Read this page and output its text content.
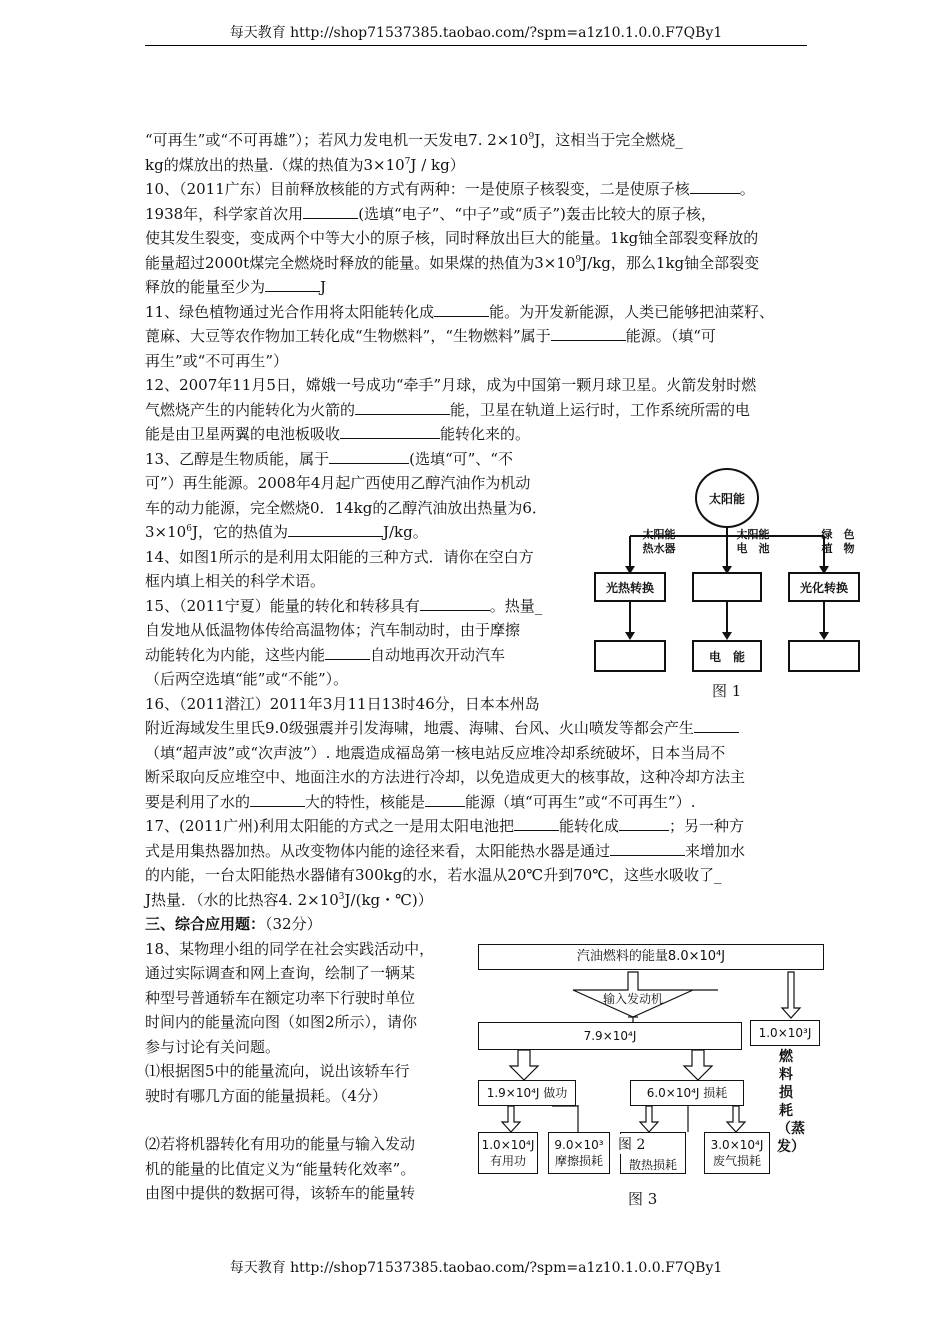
每天教育 http://shop71537385.taobao.com/?spm=a1z10.1.0.0.F7QBy1

“可再生”或“不可再雄”）；若风力发电机一天发电7. $2\times 10^9J$，这相当于完全燃烧_

kg的煤放出的热量.（煤的热值为$3\times 10^7J / kg$）

10、（2011广东）目前释放核能的方式有两种：一是使原子核裂变，二是使原子核	。

1938年，科学家首次用	(选填“电子”、“中子”或“质子”)轰击比较大的原子核，

使其发生裂变，变成两个中等大小的原子核，同时释放出巨大的能量。1kg铀全部裂变释放的

能量超过2000t煤完全燃烧时释放的能量。如果煤的热值为$3\times 10^9J/kg$，那么1kg铀全部裂变

释放的能量至少为	J

11、绿色植物通过光合作用将太阳能转化成	能。为开发新能源，人类已能够把油菜籽、

蓖麻、大豆等农作物加工转化成“生物燃料”，“生物燃料”属于	能源。（填“可

再生”或“不可再生”）

12、2007年11月5日，嫦娥一号成功“牵手”月球，成为中国第一颗月球卫星。火箭发射时燃

气燃烧产生的内能转化为火箭的	能，卫星在轨道上运行时，工作系统所需的电

能是由卫星两翼的电池板吸收	能转化来的。

13、乙醇是生物质能，属于	(选填“可”、“不

可”）再生能源。2008年4月起广西使用乙醇汽油作为机动

车的动力能源，完全燃烧0．14kg的乙醇汽油放出热量为6．

$3\times 10^6J$，它的热值为	J/kg。

14、如图1所示的是利用太阳能的三种方式．请你在空白方

框内填上相关的科学术语。

15、（2011宁夏）能量的转化和转移具有	。热量_

自发地从低温物体传给高温物体；汽车制动时，由于摩擦

动能转化为内能，这些内能	自动地再次开动汽车

（后两空选填“能”或“不能”）。

16、（2011潜江）2011年3月11日13时46分，日本本州岛

附近海域发生里氏9.0级强震并引发海啸，地震、海啸、台风、火山喷发等都会产生

（填“超声波”或“次声波”）. 地震造成福岛第一核电站反应堆冷却系统破坏，日本当局不

断采取向反应堆空中、地面注水的方法进行冷却，以免造成更大的核事故，这种冷却方法主

要是利用了水的	大的特性，核能是	能源（填“可再生”或“不可再生”）.

17、(2011广州)利用太阳能的方式之一是用太阳电池把	能转化成	；另一种方

式是用集热器加热。从改变物体内能的途径来看，太阳能热水器是通过	来增加水

的内能，一台太阳能热水器储有300kg的水，若水温从20℃升到70℃，这些水吸收了_

J热量．（水的比热容4. $2\times 10^3J/(kg$・℃)）

三、综合应用题：（32分）

18、某物理小组的同学在社会实践活动中，

通过实际调查和网上查询，绘制了一辆某

种型号普通轿车在额定功率下行驶时单位

时间内的能量流向图（如图2所示），请你

参与讨论有关问题。

⑴根据图5中的能量流向，说出该轿车行

驶时有哪几方面的能量损耗。（4分）

⑵若将机器转化有用功的能量与输入发动

机的能量的比值定义为“能量转化效率”。

由图中提供的数据可得，该轿车的能量转

太阳能
太阳能
热水器
太阳能
电　池
绿　色
植　物
光热转换	光化转换
电　能
图 1
汽油燃料的能量8.0×10⁴J
输入发动机
7.9×10⁴J	1.0×10³J
燃料损耗（蒸发）
1.9×10⁴J 做功	6.0×10⁴J 损耗
1.0×10⁴J
有用功
9.0×10³
摩擦损耗 散热损耗
图 2	3.0×10⁴J
废气损耗
图 3
每天教育 http://shop71537385.taobao.com/?spm=a1z10.1.0.0.F7QBy1
